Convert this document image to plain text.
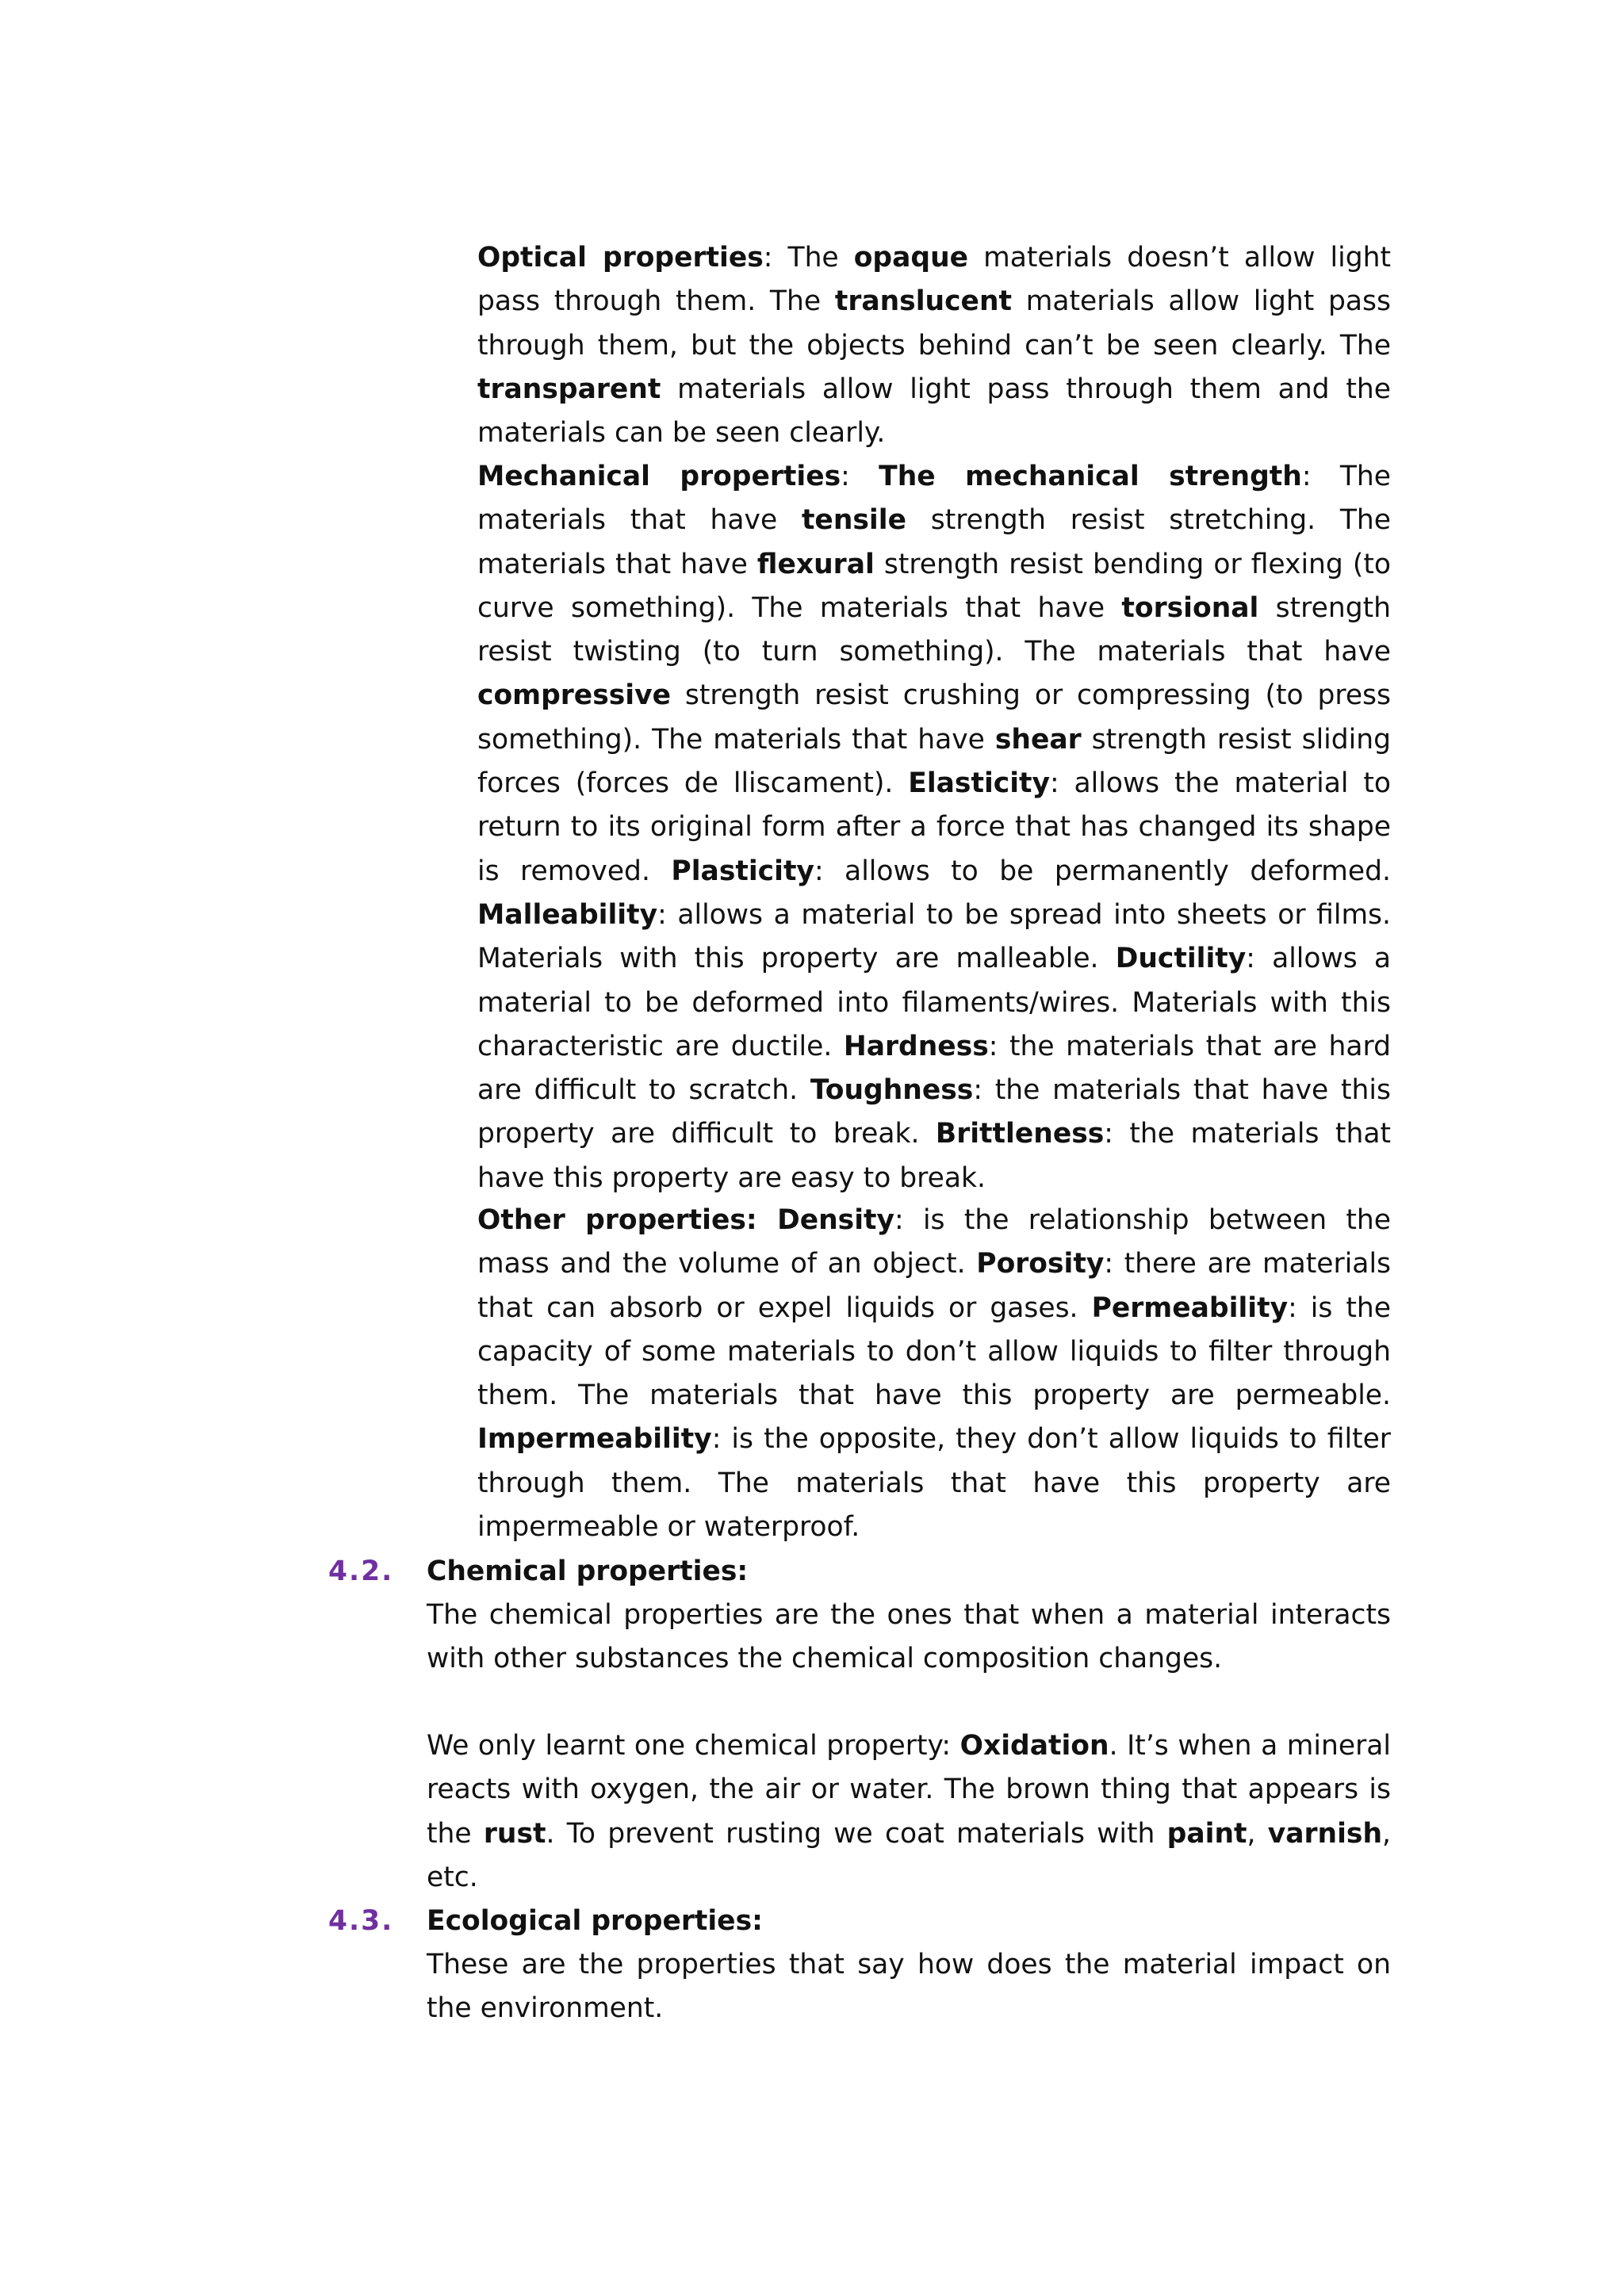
Optical properties: The opaque materials doesn’t allow light pass through them. The translucent materials allow light pass through them, but the objects behind can’t be seen clearly. The transparent materials allow light pass through them and the materials can be seen clearly.

Mechanical properties: The mechanical strength: The materials that have tensile strength resist stretching. The materials that have flexural strength resist bending or flexing (to curve something). The materials that have torsional strength resist twisting (to turn something). The materials that have compressive strength resist crushing or compressing (to press something). The materials that have shear strength resist sliding forces (forces de lliscament). Elasticity: allows the material to return to its original form after a force that has changed its shape is removed. Plasticity: allows to be permanently deformed. Malleability: allows a material to be spread into sheets or films. Materials with this property are malleable. Ductility: allows a material to be deformed into filaments/wires. Materials with this characteristic are ductile. Hardness: the materials that are hard are difficult to scratch. Toughness: the materials that have this property are difficult to break. Brittleness: the materials that have this property are easy to break.

Other properties: Density: is the relationship between the mass and the volume of an object. Porosity: there are materials that can absorb or expel liquids or gases. Permeability: is the capacity of some materials to don’t allow liquids to filter through them. The materials that have this property are permeable. Impermeability: is the opposite, they don’t allow liquids to filter through them. The materials that have this property are impermeable or waterproof.

4.2. Chemical properties:

The chemical properties are the ones that when a material interacts with other substances the chemical composition changes.

We only learnt one chemical property: Oxidation. It’s when a mineral reacts with oxygen, the air or water. The brown thing that appears is the rust. To prevent rusting we coat materials with paint, varnish, etc.

4.3. Ecological properties:

These are the properties that say how does the material impact on the environment.
